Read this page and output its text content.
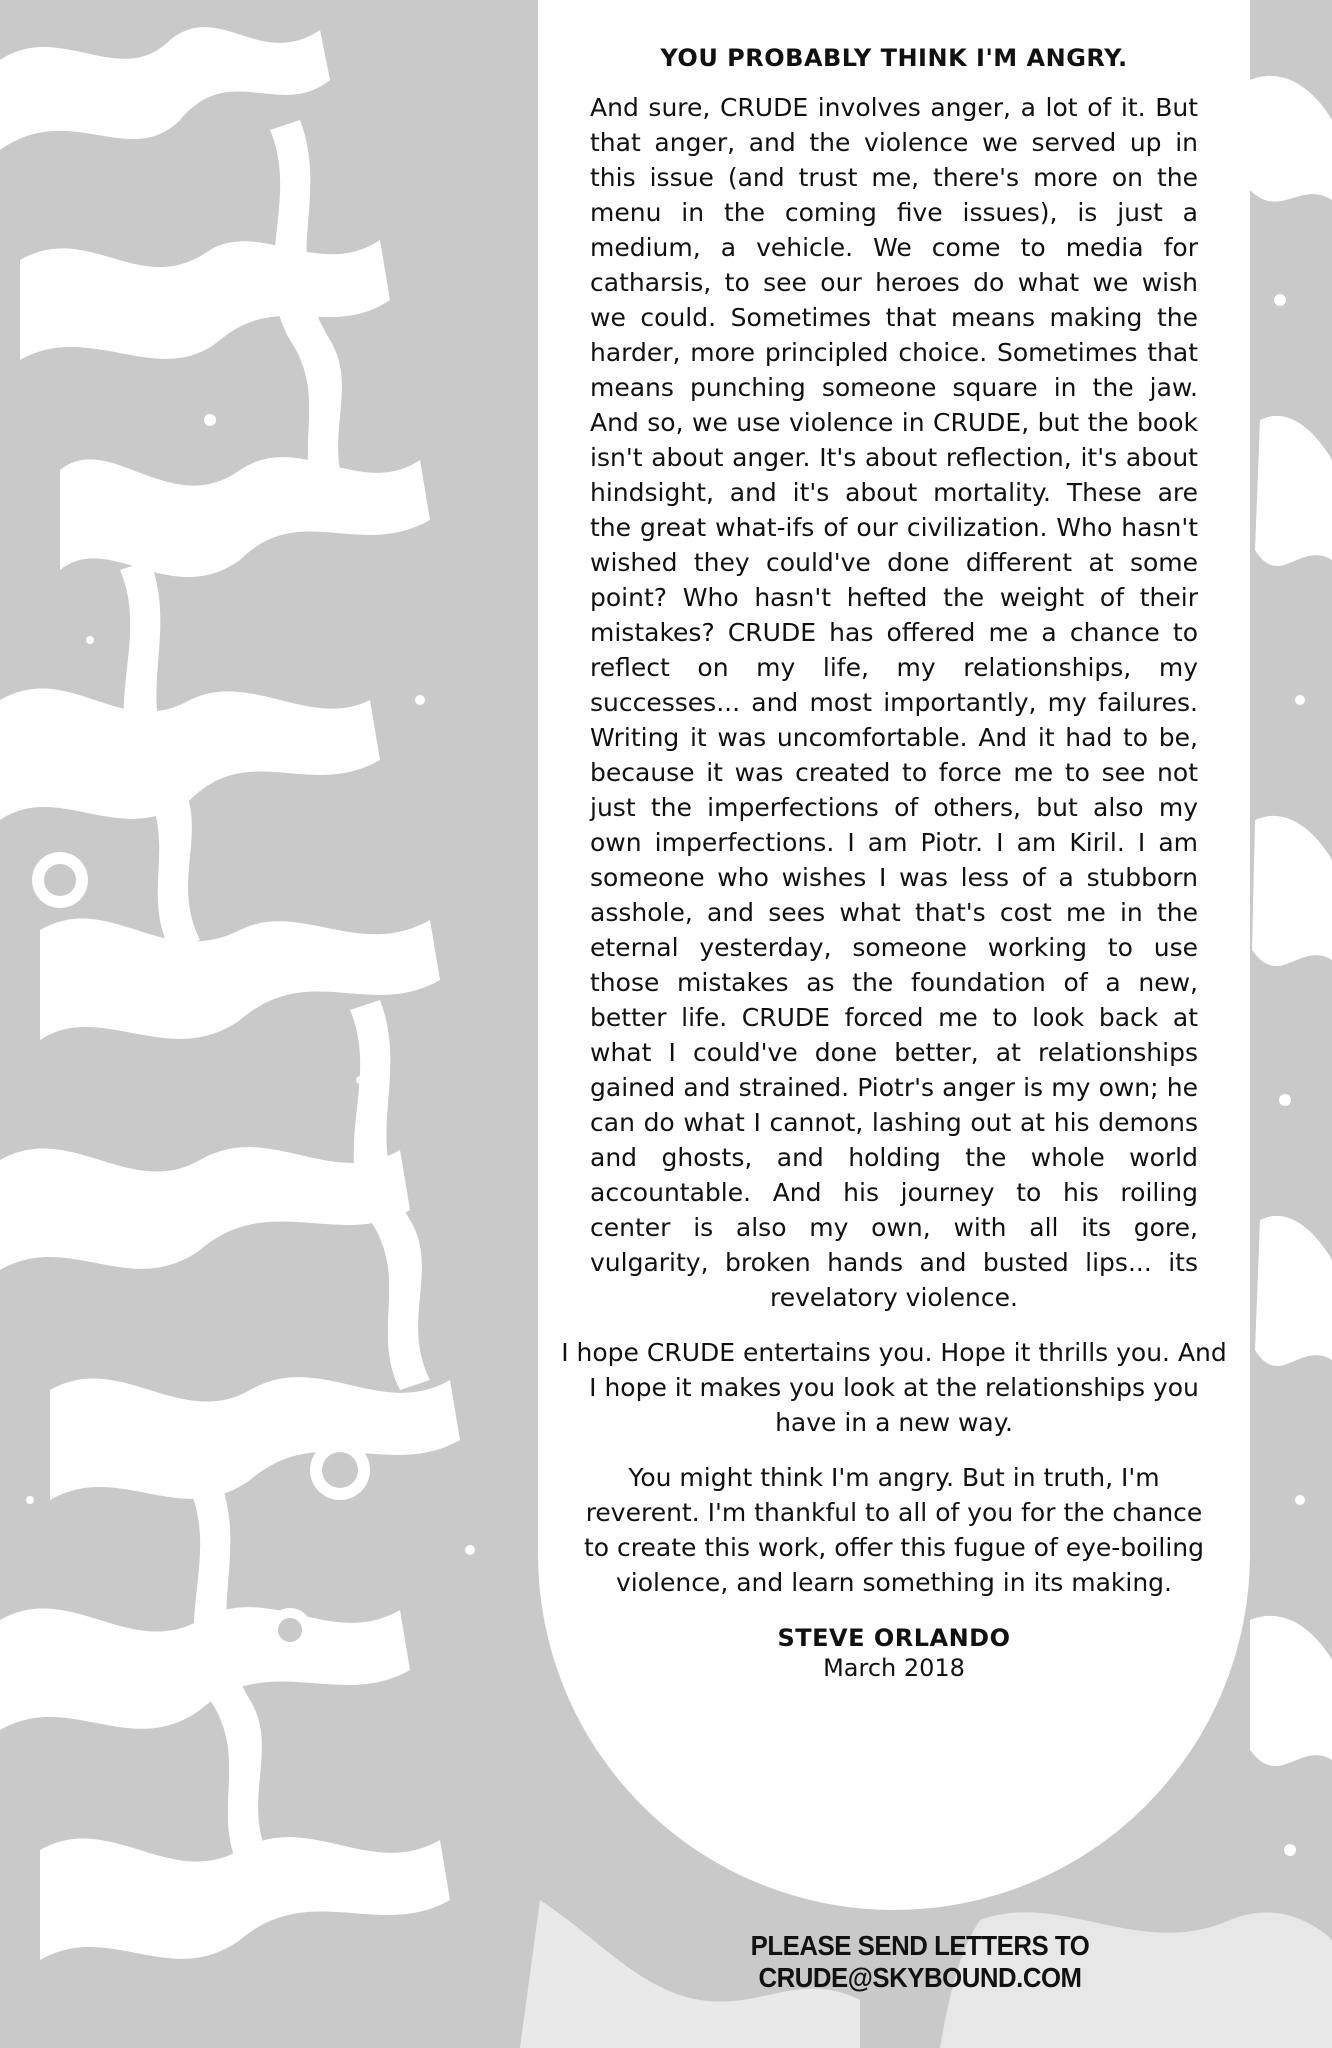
YOU PROBABLY THINK I'M ANGRY.

And sure, CRUDE involves anger, a lot of it. But that anger, and the violence we served up in this issue (and trust me, there's more on the menu in the coming five issues), is just a medium, a vehicle. We come to media for catharsis, to see our heroes do what we wish we could. Sometimes that means making the harder, more principled choice. Sometimes that means punching someone square in the jaw. And so, we use violence in CRUDE, but the book isn't about anger. It's about reflection, it's about hindsight, and it's about mortality. These are the great what-ifs of our civilization. Who hasn't wished they could've done different at some point? Who hasn't hefted the weight of their mistakes? CRUDE has offered me a chance to reflect on my life, my relationships, my successes... and most importantly, my failures. Writing it was uncomfortable. And it had to be, because it was created to force me to see not just the imperfections of others, but also my own imperfections. I am Piotr. I am Kiril. I am someone who wishes I was less of a stubborn asshole, and sees what that's cost me in the eternal yesterday, someone working to use those mistakes as the foundation of a new, better life. CRUDE forced me to look back at what I could've done better, at relationships gained and strained. Piotr's anger is my own; he can do what I cannot, lashing out at his demons and ghosts, and holding the whole world accountable. And his journey to his roiling center is also my own, with all its gore, vulgarity, broken hands and busted lips... its revelatory violence.

I hope CRUDE entertains you. Hope it thrills you. And I hope it makes you look at the relationships you have in a new way.

You might think I'm angry. But in truth, I'm reverent. I'm thankful to all of you for the chance to create this work, offer this fugue of eye-boiling violence, and learn something in its making.

STEVE ORLANDO
March 2018
PLEASE SEND LETTERS TO CRUDE@SKYBOUND.COM
